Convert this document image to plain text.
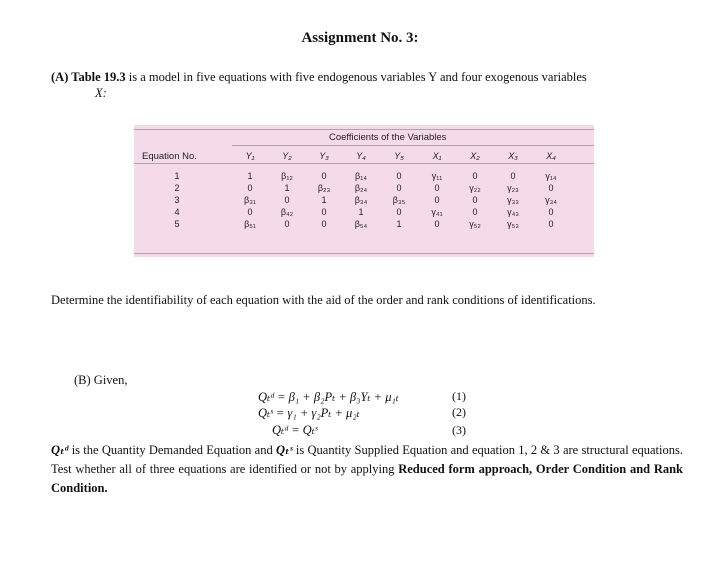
Assignment No. 3:
(A) Table 19.3 is a model in five equations with five endogenous variables Y and four exogenous variables
X:
Coefficients of the Variables
Equation No.	Y₁	Y₂	Y₃	Y₄	Y₅	X₁	X₂	X₃	X₄
1	1	β₁₂	0	β₁₄	0	γ₁₁	0	0	γ₁₄
2	0	1	β₂₃	β₂₄	0	0	γ₂₂	γ₂₃	0
3	β₃₁	0	1	β₃₄	β₃₅	0	0	γ₃₃	γ₃₄
4	0	β₄₂	0	1	0	γ₄₁	0	γ₄₃	0
5	β₅₁	0	0	β₅₄	1	0	γ₅₂	γ₅₃	0
Determine the identifiability of each equation with the aid of the order and rank conditions of identifications.
(B) Given,
Qₜᵈ = β₁ + β₂Pₜ + β₃Yₜ + μ₁ₜ	(1)
Qₜˢ = γ₁ + γ₂Pₜ + μ₂ₜ	(2)
Qₜᵈ = Qₜˢ	(3)
Qₜᵈ is the Quantity Demanded Equation and Qₜˢ is Quantity Supplied Equation and equation 1, 2 & 3 are structural equations. Test whether all of three equations are identified or not by applying Reduced form approach, Order Condition and Rank Condition.
